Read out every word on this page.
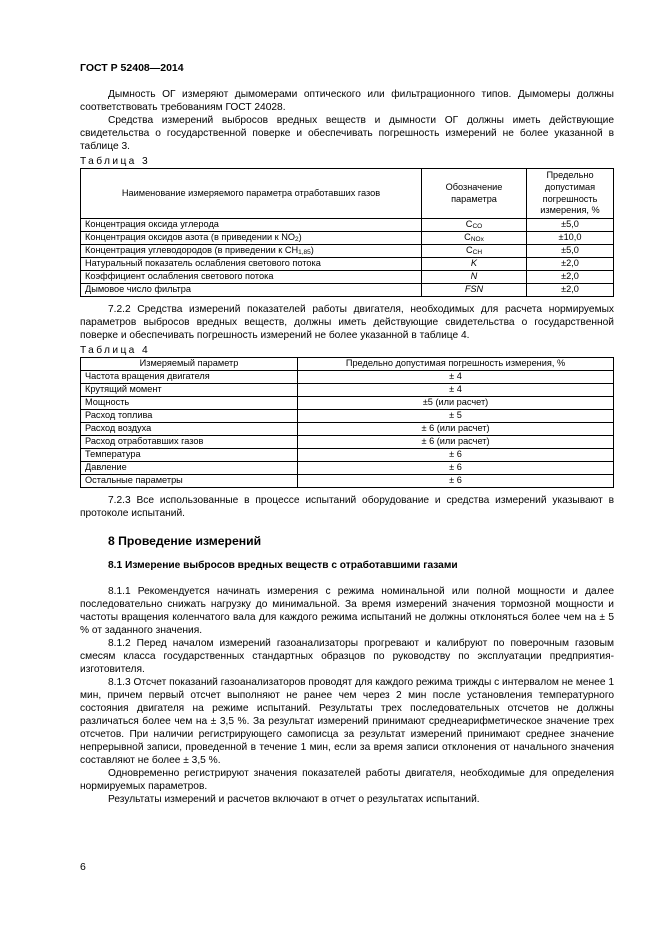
ГОСТ Р 52408—2014

Дымность ОГ измеряют дымомерами оптического или фильтрационного типов. Дымомеры должны соответствовать требованиям ГОСТ 24028.

Средства измерений выбросов вредных веществ и дымности ОГ должны иметь действующие свидетельства о государственной поверке и обеспечивать погрешность измерений не более указанной в таблице 3.

Таблица 3
Наименование измеряемого параметра отработавших газов	Обозначение параметра	Предельно допустимая погрешность измерения, %
Концентрация оксида углерода	$C_{CO}$	±5,0
Концентрация оксидов азота (в приведении к $NO_2$)	$C_{NOx}$	±10,0
Концентрация углеводородов (в приведении к $CH_{1,85}$)	$C_{CH}$	±5,0
Натуральный показатель ослабления светового потока	K	±2,0
Коэффициент ослабления светового потока	N	±2,0
Дымовое число фильтра	FSN	±2,0

7.2.2 Средства измерений показателей работы двигателя, необходимых для расчета нормируемых параметров выбросов вредных веществ, должны иметь действующие свидетельства о государственной поверке и обеспечивать погрешность измерений не более указанной в таблице 4.

Таблица 4
Измеряемый параметр	Предельно допустимая погрешность измерения, %
Частота вращения двигателя	± 4
Крутящий момент	± 4
Мощность	±5 (или расчет)
Расход топлива	± 5
Расход воздуха	± 6 (или расчет)
Расход отработавших газов	± 6 (или расчет)
Температура	± 6
Давление	± 6
Остальные параметры	± 6

7.2.3 Все использованные в процессе испытаний оборудование и средства измерений указывают в протоколе испытаний.

8 Проведение измерений
8.1 Измерение выбросов вредных веществ с отработавшими газами

8.1.1 Рекомендуется начинать измерения с режима номинальной или полной мощности и далее последовательно снижать нагрузку до минимальной. За время измерений значения тормозной мощности и частоты вращения коленчатого вала для каждого режима испытаний не должны отклоняться более чем на ± 5 % от заданного значения.

8.1.2 Перед началом измерений газоанализаторы прогревают и калибруют по поверочным газовым смесям класса государственных стандартных образцов по руководству по эксплуатации предприятия-изготовителя.

8.1.3 Отсчет показаний газоанализаторов проводят для каждого режима трижды с интервалом не менее 1 мин, причем первый отсчет выполняют не ранее чем через 2 мин после установления температурного состояния двигателя на режиме испытаний. Результаты трех последовательных отсчетов не должны различаться более чем на ± 3,5 %. За результат измерений принимают среднеарифметическое значение трех отсчетов. При наличии регистрирующего самописца за результат измерений принимают среднее значение непрерывной записи, проведенной в течение 1 мин, если за время записи отклонения от начального значения составляют не более ± 3,5 %.

Одновременно регистрируют значения показателей работы двигателя, необходимые для определения нормируемых параметров.

Результаты измерений и расчетов включают в отчет о результатах испытаний.

6
